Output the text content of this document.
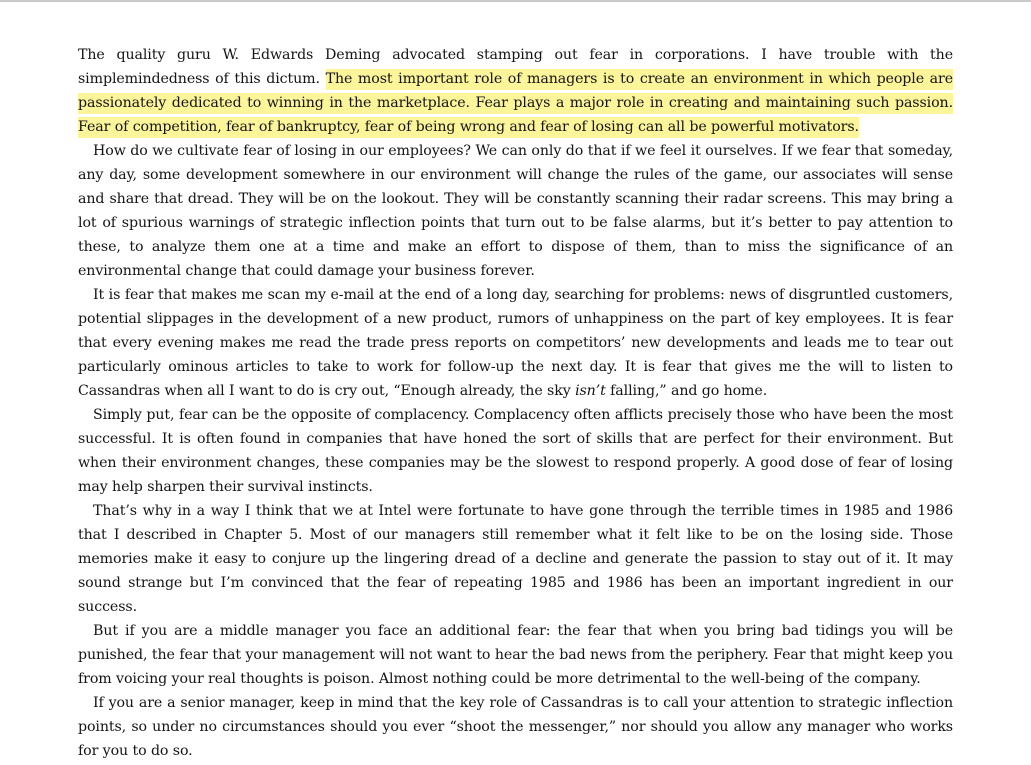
The quality guru W. Edwards Deming advocated stamping out fear in corporations. I have trouble with the simplemindedness of this dictum. The most important role of managers is to create an environment in which people are passionately dedicated to winning in the marketplace. Fear plays a major role in creating and maintaining such passion. Fear of competition, fear of bankruptcy, fear of being wrong and fear of losing can all be powerful motivators.

How do we cultivate fear of losing in our employees? We can only do that if we feel it ourselves. If we fear that someday, any day, some development somewhere in our environment will change the rules of the game, our associates will sense and share that dread. They will be on the lookout. They will be constantly scanning their radar screens. This may bring a lot of spurious warnings of strategic inflection points that turn out to be false alarms, but it’s better to pay attention to these, to analyze them one at a time and make an effort to dispose of them, than to miss the significance of an environmental change that could damage your business forever.

It is fear that makes me scan my e-mail at the end of a long day, searching for problems: news of disgruntled customers, potential slippages in the development of a new product, rumors of unhappiness on the part of key employees. It is fear that every evening makes me read the trade press reports on competitors’ new developments and leads me to tear out particularly ominous articles to take to work for follow-up the next day. It is fear that gives me the will to listen to Cassandras when all I want to do is cry out, “Enough already, the sky isn’t falling,” and go home.

Simply put, fear can be the opposite of complacency. Complacency often afflicts precisely those who have been the most successful. It is often found in companies that have honed the sort of skills that are perfect for their environment. But when their environment changes, these companies may be the slowest to respond properly. A good dose of fear of losing may help sharpen their survival instincts.

That’s why in a way I think that we at Intel were fortunate to have gone through the terrible times in 1985 and 1986 that I described in Chapter 5. Most of our managers still remember what it felt like to be on the losing side. Those memories make it easy to conjure up the lingering dread of a decline and generate the passion to stay out of it. It may sound strange but I’m convinced that the fear of repeating 1985 and 1986 has been an important ingredient in our success.

But if you are a middle manager you face an additional fear: the fear that when you bring bad tidings you will be punished, the fear that your management will not want to hear the bad news from the periphery. Fear that might keep you from voicing your real thoughts is poison. Almost nothing could be more detrimental to the well-being of the company.

If you are a senior manager, keep in mind that the key role of Cassandras is to call your attention to strategic inflection points, so under no circumstances should you ever “shoot the messenger,” nor should you allow any manager who works for you to do so.
